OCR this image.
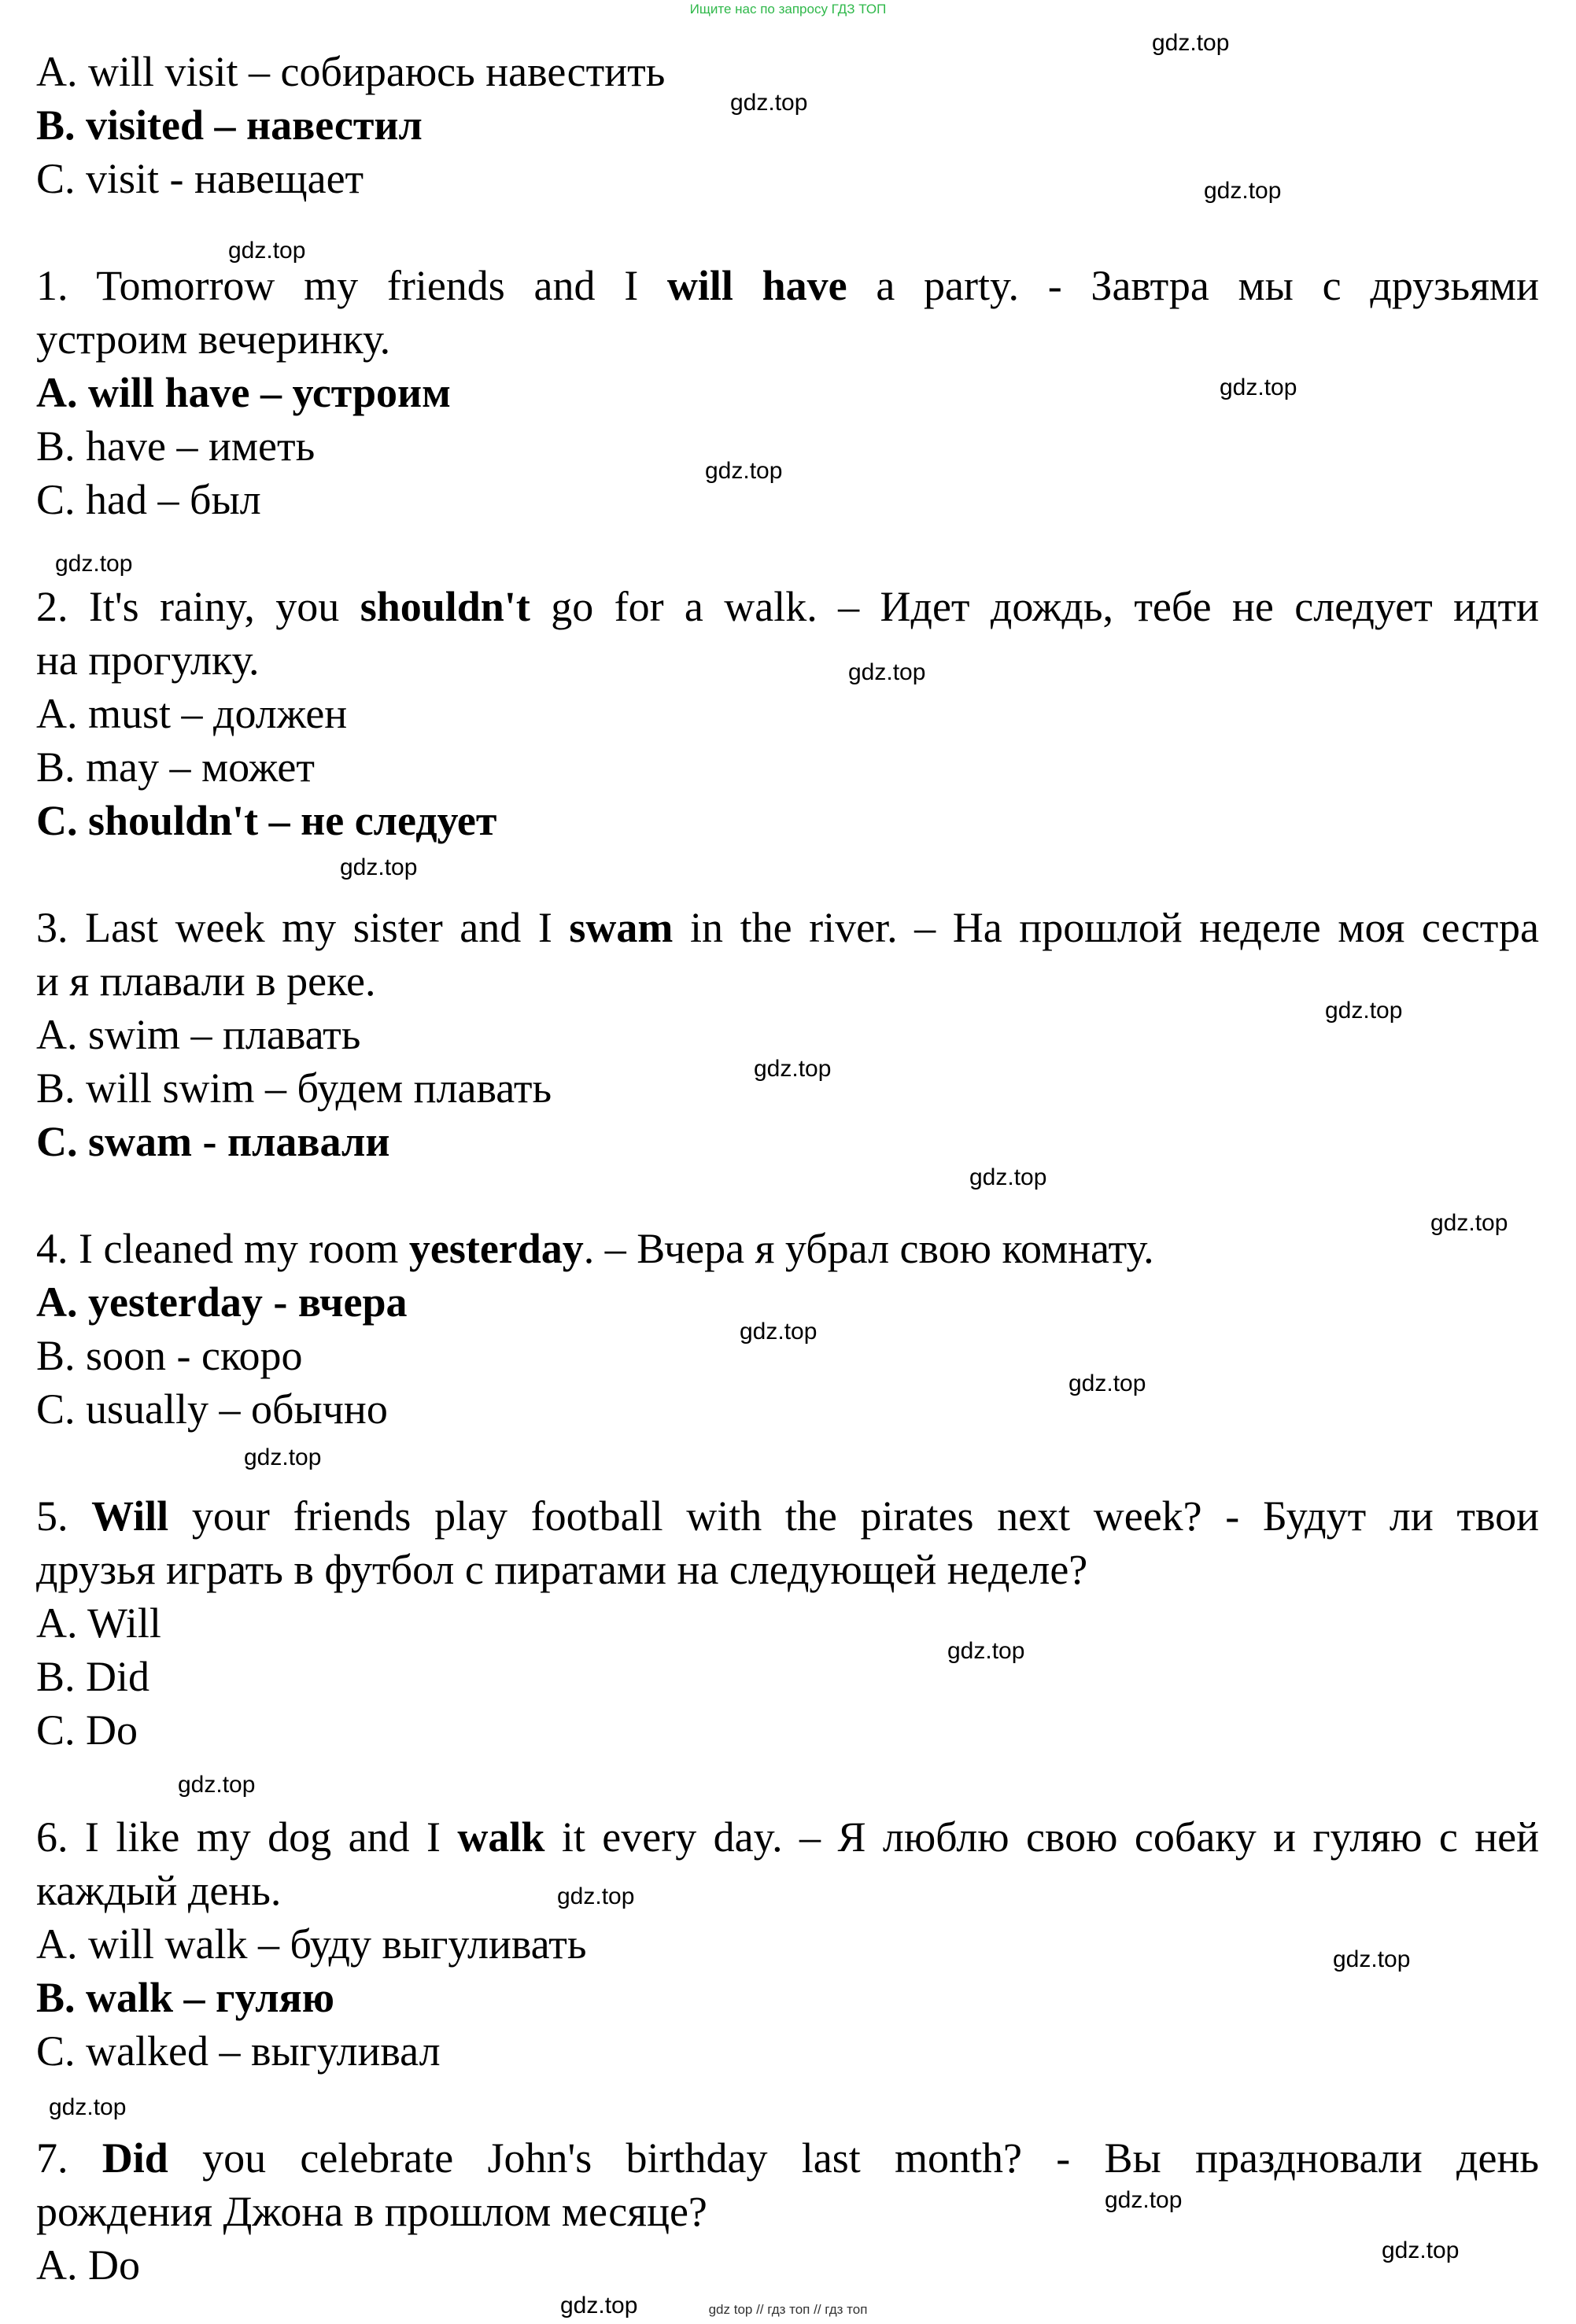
Ищите нас по запросу ГДЗ ТОП
A. will visit – собираюсь навестить
B. visited – навестил
C. visit - навещает
1. Tomorrow my friends and I will have a party. - Завтра мы с друзьями
устроим вечеринку.
A. will have – устроим
B. have – иметь
C. had – был
2. It's rainy, you shouldn't go for a walk. – Идет дождь, тебе не следует идти
на прогулку.
A. must – должен
B. may – может
C. shouldn't – не следует
3. Last week my sister and I swam in the river. – На прошлой неделе моя сестра
и я плавали в реке.
A. swim – плавать
B. will swim – будем плавать
C. swam - плавали
4. I cleaned my room yesterday. – Вчера я убрал свою комнату.
A. yesterday - вчера
B. soon - скоро
C. usually – обычно
5. Will your friends play football with the pirates next week? - Будут ли твои
друзья играть в футбол с пиратами на следующей неделе?
A. Will
B. Did
C. Do
6. I like my dog and I walk it every day. – Я люблю свою собаку и гуляю с ней
каждый день.
A. will walk – буду выгуливать
B. walk – гуляю
C. walked – выгуливал
7. Did you celebrate John's birthday last month? - Вы праздновали день
рождения Джона в прошлом месяце?
A. Do
gdz.top
gdz.top
gdz.top
gdz.top
gdz.top
gdz.top
gdz.top
gdz.top
gdz.top
gdz.top
gdz.top
gdz.top
gdz.top
gdz.top
gdz.top
gdz.top
gdz.top
gdz.top
gdz.top
gdz.top
gdz.top
gdz.top
gdz.top
gdz.top	gdz top // гдз топ // гдз топ
